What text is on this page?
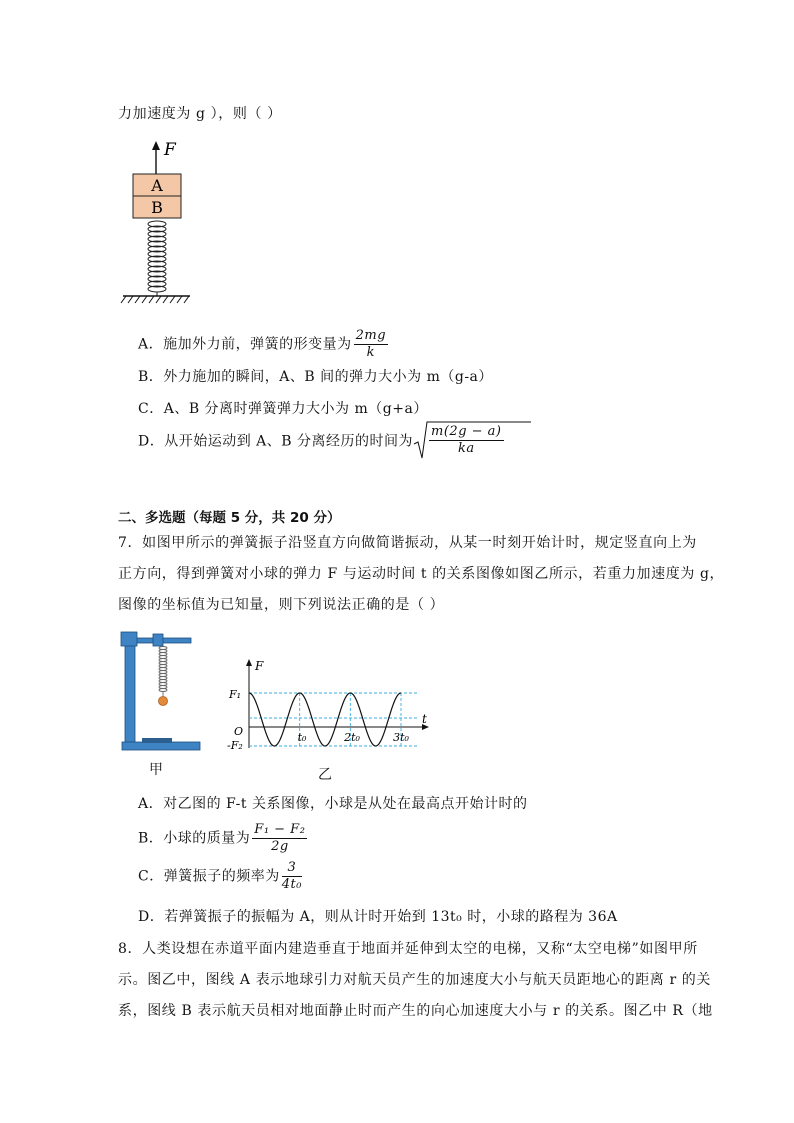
力加速度为 g ），则（ ）
F
A
B
A．施加外力前，弹簧的形变量为 $\frac{2mg}{k}$
B．外力施加的瞬间，A、B 间的弹力大小为 m（g-a）
C．A、B 分离时弹簧弹力大小为 m（g+a）
D．从开始运动到 A、B 分离经历的时间为 $\frac{m(2g - a)}{ka}$
二、多选题（每题 5 分，共 20 分）
7．如图甲所示的弹簧振子沿竖直方向做简谐振动，从某一时刻开始计时，规定竖直向上为
正方向，得到弹簧对小球的弹力 F 与运动时间 t 的关系图像如图乙所示，若重力加速度为 g，
图像的坐标值为已知量，则下列说法正确的是（ ）
甲
F
t
F₁
O
-F₂
t₀	2t₀	3t₀
乙
A．对乙图的 F-t 关系图像，小球是从处在最高点开始计时的
B．小球的质量为 $\frac{\text{F₁ − F₂}}{2g}$
C．弹簧振子的频率为 $\frac{3}{\text{4t₀}}$
D．若弹簧振子的振幅为 A，则从计时开始到 13t₀ 时，小球的路程为 36A
8．人类设想在赤道平面内建造垂直于地面并延伸到太空的电梯，又称“太空电梯”如图甲所
示。图乙中，图线 A 表示地球引力对航天员产生的加速度大小与航天员距地心的距离 r 的关
系，图线 B 表示航天员相对地面静止时而产生的向心加速度大小与 r 的关系。图乙中 R（地
